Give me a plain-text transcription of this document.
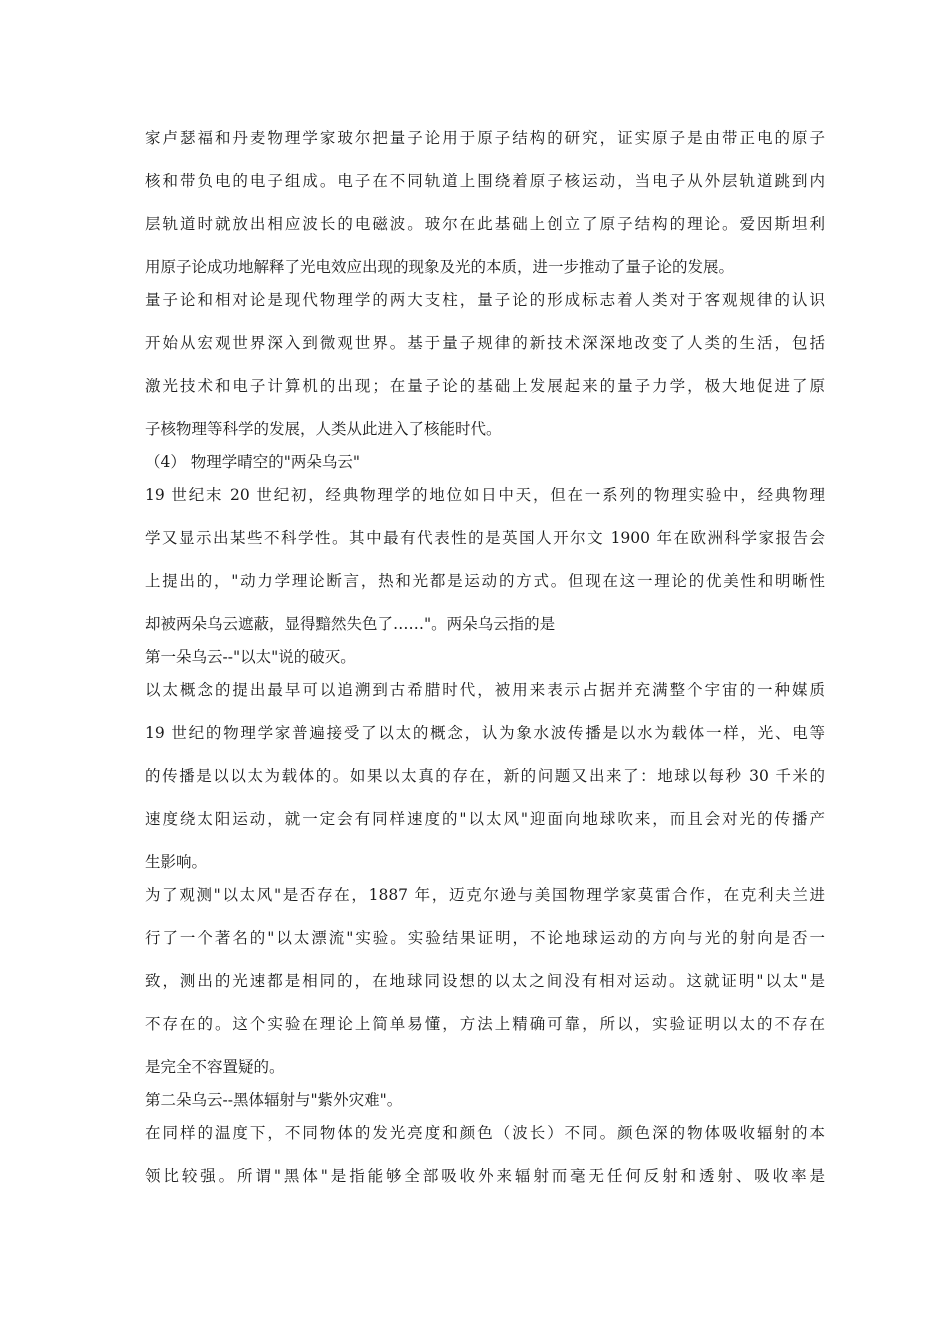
家卢瑟福和丹麦物理学家玻尔把量子论用于原子结构的研究，证实原子是由带正电的原子
核和带负电的电子组成。电子在不同轨道上围绕着原子核运动，当电子从外层轨道跳到内
层轨道时就放出相应波长的电磁波。玻尔在此基础上创立了原子结构的理论。爱因斯坦利
用原子论成功地解释了光电效应出现的现象及光的本质，进一步推动了量子论的发展。
量子论和相对论是现代物理学的两大支柱，量子论的形成标志着人类对于客观规律的认识
开始从宏观世界深入到微观世界。基于量子规律的新技术深深地改变了人类的生活，包括
激光技术和电子计算机的出现；在量子论的基础上发展起来的量子力学，极大地促进了原
子核物理等科学的发展，人类从此进入了核能时代。
（4） 物理学晴空的"两朵乌云"
19 世纪末 20 世纪初，经典物理学的地位如日中天，但在一系列的物理实验中，经典物理
学又显示出某些不科学性。其中最有代表性的是英国人开尔文 1900 年在欧洲科学家报告会
上提出的，"动力学理论断言，热和光都是运动的方式。但现在这一理论的优美性和明晰性
却被两朵乌云遮蔽，显得黯然失色了……"。两朵乌云指的是
第一朵乌云--"以太"说的破灭。
以太概念的提出最早可以追溯到古希腊时代，被用来表示占据并充满整个宇宙的一种媒质
19 世纪的物理学家普遍接受了以太的概念，认为象水波传播是以水为载体一样，光、电等
的传播是以以太为载体的。如果以太真的存在，新的问题又出来了：地球以每秒 30 千米的
速度绕太阳运动，就一定会有同样速度的"以太风"迎面向地球吹来，而且会对光的传播产
生影响。
为了观测"以太风"是否存在，1887 年，迈克尔逊与美国物理学家莫雷合作，在克利夫兰进
行了一个著名的"以太漂流"实验。实验结果证明，不论地球运动的方向与光的射向是否一
致，测出的光速都是相同的，在地球同设想的以太之间没有相对运动。这就证明"以太"是
不存在的。这个实验在理论上简单易懂，方法上精确可靠，所以，实验证明以太的不存在
是完全不容置疑的。
第二朵乌云--黑体辐射与"紫外灾难"。
在同样的温度下，不同物体的发光亮度和颜色（波长）不同。颜色深的物体吸收辐射的本
领比较强。所谓"黑体"是指能够全部吸收外来辐射而毫无任何反射和透射、吸收率是
